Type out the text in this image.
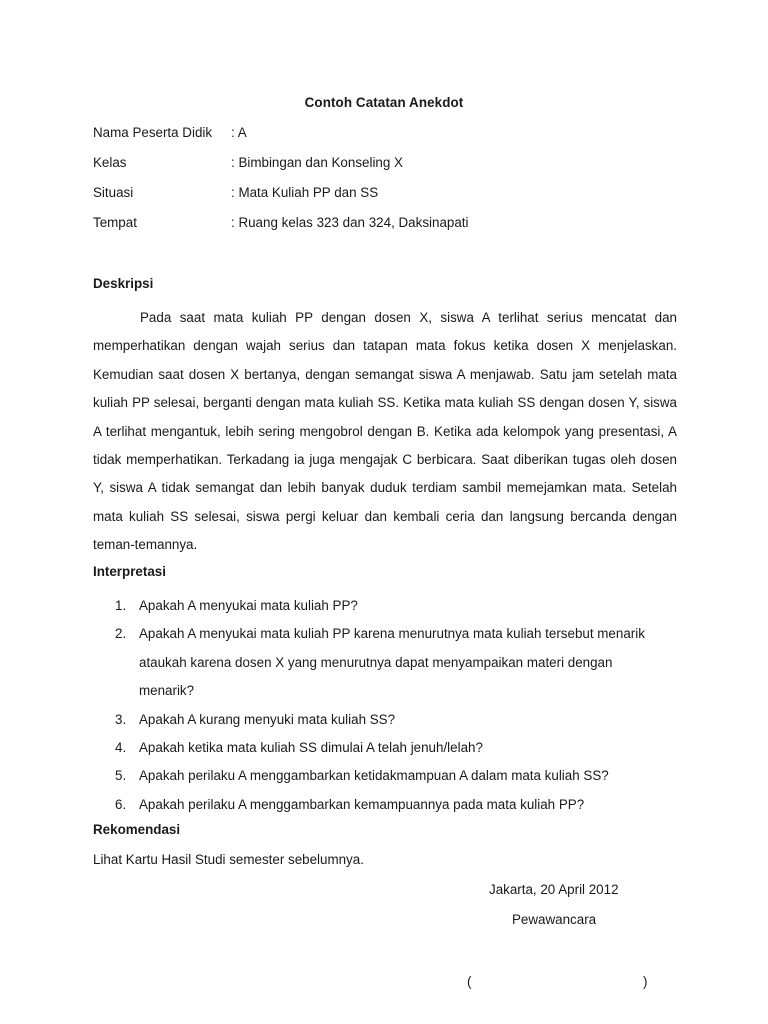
Contoh Catatan Anekdot
Nama Peserta Didik : A
Kelas	: Bimbingan dan Konseling X
Situasi	: Mata Kuliah PP dan SS
Tempat	: Ruang kelas 323 dan 324, Daksinapati
Deskripsi

Pada saat mata kuliah PP dengan dosen X, siswa A terlihat serius mencatat dan memperhatikan dengan wajah serius dan tatapan mata fokus ketika dosen X menjelaskan. Kemudian saat dosen X bertanya, dengan semangat siswa A menjawab. Satu jam setelah mata kuliah PP selesai, berganti dengan mata kuliah SS. Ketika mata kuliah SS dengan dosen Y, siswa A terlihat mengantuk, lebih sering mengobrol dengan B. Ketika ada kelompok yang presentasi, A tidak memperhatikan. Terkadang ia juga mengajak C berbicara. Saat diberikan tugas oleh dosen Y, siswa A tidak semangat dan lebih banyak duduk terdiam sambil memejamkan mata. Setelah mata kuliah SS selesai, siswa pergi keluar dan kembali ceria dan langsung bercanda dengan teman-temannya.

Interpretasi
1. Apakah A menyukai mata kuliah PP?
2. Apakah A menyukai mata kuliah PP karena menurutnya mata kuliah tersebut menarik ataukah karena dosen X yang menurutnya dapat menyampaikan materi dengan menarik?
3. Apakah A kurang menyuki mata kuliah SS?
4. Apakah ketika mata kuliah SS dimulai A telah jenuh/lelah?
5. Apakah perilaku A menggambarkan ketidakmampuan A dalam mata kuliah SS?
6. Apakah perilaku A menggambarkan kemampuannya pada mata kuliah PP?
Rekomendasi
Lihat Kartu Hasil Studi semester sebelumnya.
Jakarta, 20 April 2012
Pewawancara
(	)
